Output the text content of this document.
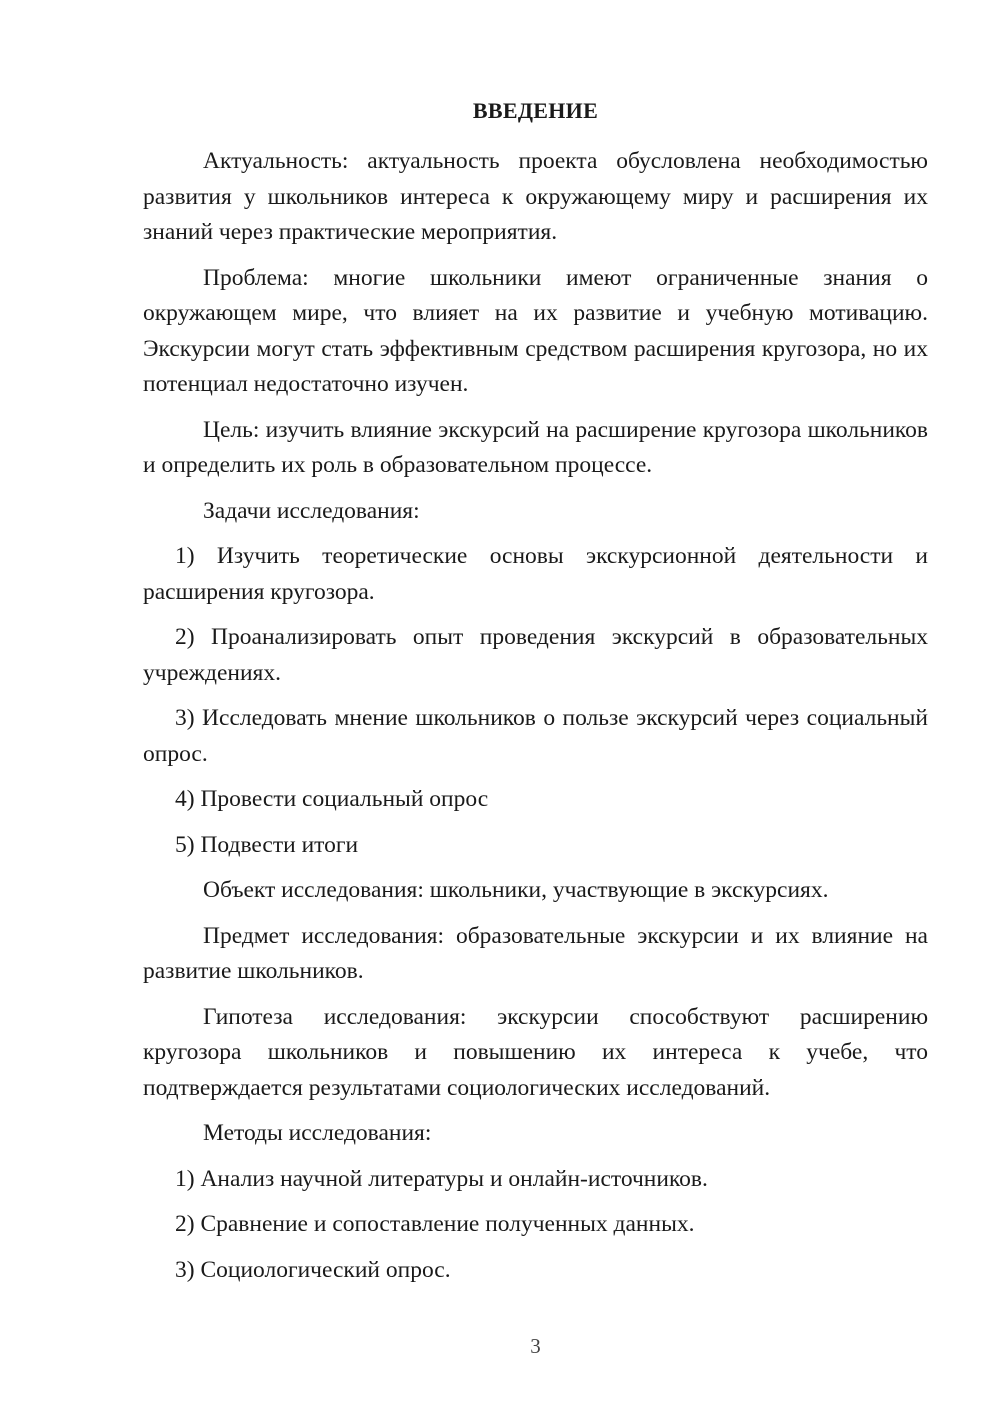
ВВЕДЕНИЕ

Актуальность: актуальность проекта обусловлена необходимостью развития у школьников интереса к окружающему миру и расширения их знаний через практические мероприятия.

Проблема: многие школьники имеют ограниченные знания о окружающем мире, что влияет на их развитие и учебную мотивацию. Экскурсии могут стать эффективным средством расширения кругозора, но их потенциал недостаточно изучен.

Цель: изучить влияние экскурсий на расширение кругозора школьников и определить их роль в образовательном процессе.

Задачи исследования:

1) Изучить теоретические основы экскурсионной деятельности и расширения кругозора.

2) Проанализировать опыт проведения экскурсий в образовательных учреждениях.

3) Исследовать мнение школьников о пользе экскурсий через социальный опрос.

4) Провести социальный опрос

5) Подвести итоги

Объект исследования: школьники, участвующие в экскурсиях.

Предмет исследования: образовательные экскурсии и их влияние на развитие школьников.

Гипотеза исследования: экскурсии способствуют расширению кругозора школьников и повышению их интереса к учебе, что подтверждается результатами социологических исследований.

Методы исследования:

1) Анализ научной литературы и онлайн-источников.

2) Сравнение и сопоставление полученных данных.

3) Социологический опрос.

3
